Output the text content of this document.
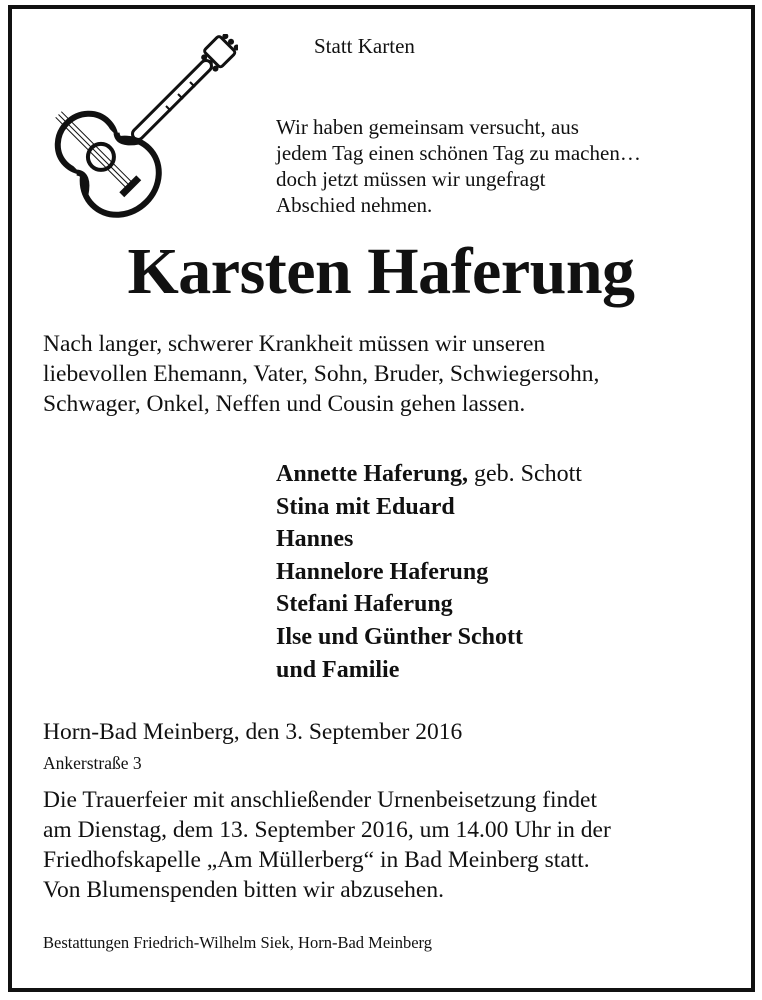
Statt Karten
Wir haben gemeinsam versucht, aus
jedem Tag einen schönen Tag zu machen…
doch jetzt müssen wir ungefragt
Abschied nehmen.
Karsten Haferung
Nach langer, schwerer Krankheit müssen wir unseren
liebevollen Ehemann, Vater, Sohn, Bruder, Schwiegersohn,
Schwager, Onkel, Neffen und Cousin gehen lassen.
Annette Haferung, geb. Schott
Stina mit Eduard
Hannes
Hannelore Haferung
Stefani Haferung
Ilse und Günther Schott
und Familie
Horn-Bad Meinberg, den 3. September 2016
Ankerstraße 3
Die Trauerfeier mit anschließender Urnenbeisetzung findet
am Dienstag, dem 13. September 2016, um 14.00 Uhr in der
Friedhofskapelle „Am Müllerberg“ in Bad Meinberg statt.
Von Blumenspenden bitten wir abzusehen.
Bestattungen Friedrich-Wilhelm Siek, Horn-Bad Meinberg
